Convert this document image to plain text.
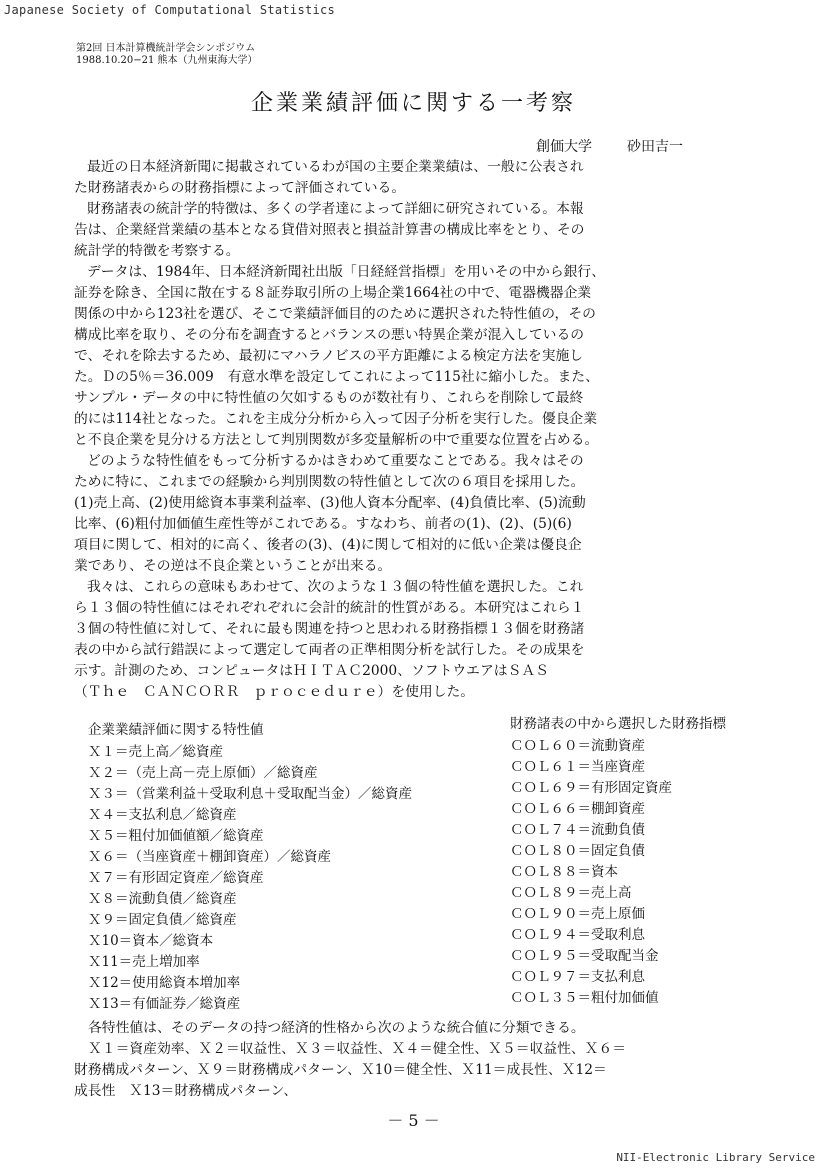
Japanese Society of Computational Statistics
第2回 日本計算機統計学会シンポジウム
1988.10.20−21 熊本（九州東海大学）
企業業績評価に関する一考察
創価大学	砂田吉一
最近の日本経済新聞に掲載されているわが国の主要企業業績は、一般に公表され
た財務諸表からの財務指標によって評価されている。
財務諸表の統計学的特徴は、多くの学者達によって詳細に研究されている。本報
告は、企業経営業績の基本となる貸借対照表と損益計算書の構成比率をとり、その
統計学的特徴を考察する。
データは、1984年、日本経済新聞社出版「日経経営指標」を用いその中から銀行、
証券を除き、全国に散在する８証券取引所の上場企業1664社の中で、電器機器企業
関係の中から123社を選び、そこで業績評価目的のために選択された特性値の，その
構成比率を取り、その分布を調査するとバランスの悪い特異企業が混入しているの
で、それを除去するため、最初にマハラノビスの平方距離による検定方法を実施し
た。Ｄの5％＝36.009　有意水準を設定してこれによって115社に縮小した。また、
サンプル・データの中に特性値の欠如するものが数社有り、これらを削除して最終
的には114社となった。これを主成分分析から入って因子分析を実行した。優良企業
と不良企業を見分ける方法として判別関数が多変量解析の中で重要な位置を占める。
どのような特性値をもって分析するかはきわめて重要なことである。我々はその
ために特に、これまでの経験から判別関数の特性値として次の６項目を採用した。
(1)売上高、(2)使用総資本事業利益率、(3)他人資本分配率、(4)負債比率、(5)流動
比率、(6)粗付加価値生産性等がこれである。すなわち、前者の(1)、(2)、(5)(6)
項目に関して、相対的に高く、後者の(3)、(4)に関して相対的に低い企業は優良企
業であり、その逆は不良企業ということが出来る。
我々は、これらの意味もあわせて、次のような１３個の特性値を選択した。これ
ら１３個の特性値にはそれぞれぞれに会計的統計的性質がある。本研究はこれら１
３個の特性値に対して、それに最も関連を持つと思われる財務指標１３個を財務諸
表の中から試行錯誤によって選定して両者の正準相関分析を試行した。その成果を
示す。計測のため、コンピュータはＨＩＴＡＣ2000、ソフトウエアはＳＡＳ
（Ｔｈｅ　ＣＡＮＣＯＲＲ　ｐｒｏｃｅｄｕｒｅ）を使用した。
企業業績評価に関する特性値
Ｘ１＝売上高／総資産
Ｘ２＝（売上高－売上原価）／総資産
Ｘ３＝（営業利益＋受取利息＋受取配当金）／総資産
Ｘ４＝支払利息／総資産
Ｘ５＝粗付加価値額／総資産
Ｘ６＝（当座資産＋棚卸資産）／総資産
Ｘ７＝有形固定資産／総資産
Ｘ８＝流動負債／総資産
Ｘ９＝固定負債／総資産
Ｘ10＝資本／総資本
Ｘ11＝売上増加率
Ｘ12＝使用総資本増加率
Ｘ13＝有価証券／総資産
財務諸表の中から選択した財務指標
ＣＯＬ６０＝流動資産
ＣＯＬ６１＝当座資産
ＣＯＬ６９＝有形固定資産
ＣＯＬ６６＝棚卸資産
ＣＯＬ７４＝流動負債
ＣＯＬ８０＝固定負債
ＣＯＬ８８＝資本
ＣＯＬ８９＝売上高
ＣＯＬ９０＝売上原価
ＣＯＬ９４＝受取利息
ＣＯＬ９５＝受取配当金
ＣＯＬ９７＝支払利息
ＣＯＬ３５＝粗付加価値
各特性値は、そのデータの持つ経済的性格から次のような統合値に分類できる。
Ｘ１＝資産効率、Ｘ２＝収益性、Ｘ３＝収益性、Ｘ４＝健全性、Ｘ５＝収益性、Ｘ６＝
財務構成パターン、Ｘ９＝財務構成パターン、Ｘ10＝健全性、Ｘ11＝成長性、Ｘ12＝
成長性　Ｘ13＝財務構成パターン、
－ 5 －
NII-Electronic Library Service
